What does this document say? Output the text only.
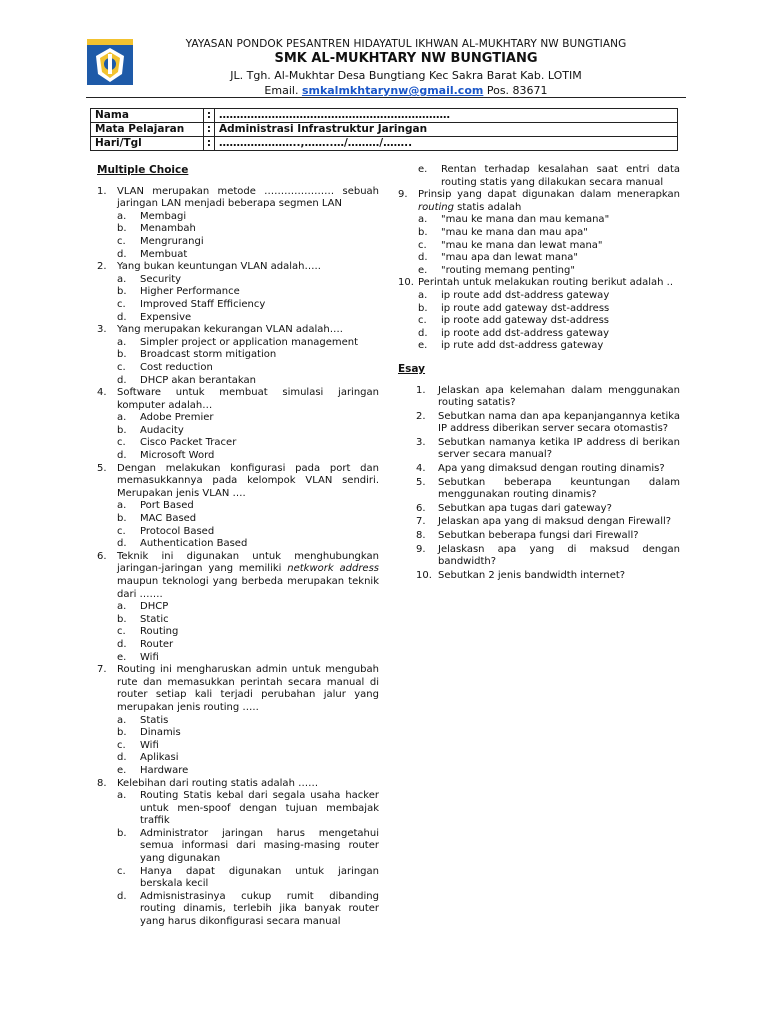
YAYASAN PONDOK PESANTREN HIDAYATUL IKHWAN AL-MUKHTARY NW BUNGTIANG
SMK AL-MUKHTARY NW BUNGTIANG
JL. Tgh. Al-Mukhtar Desa Bungtiang Kec Sakra Barat Kab. LOTIM
Email. smkalmkhtarynw@gmail.com Pos. 83671
Nama	:	…………………………………………………………
Mata Pelajaran	:	Administrasi Infrastruktur Jaringan
Hari/Tgl	:	…………………..,……..…/………/……..
Multiple Choice
1.	VLAN merupakan metode ………………… sebuah jaringan LAN menjadi beberapa segmen LAN
a.	Membagi
b.	Menambah
c.	Mengrurangi
d.	Membuat
2.	Yang bukan keuntungan VLAN adalah…..
a.	Security
b.	Higher Performance
c.	Improved Staff Efficiency
d.	Expensive
3.	Yang merupakan kekurangan VLAN adalah….
a.	Simpler project or application management
b.	Broadcast storm mitigation
c.	Cost reduction
d.	DHCP akan berantakan
4.	Software untuk membuat simulasi jaringan komputer adalah…
a.	Adobe Premier
b.	Audacity
c.	Cisco Packet Tracer
d.	Microsoft Word
5.	Dengan melakukan konfigurasi pada port dan memasukkannya pada kelompok VLAN sendiri. Merupakan jenis VLAN ….
a.	Port Based
b.	MAC Based
c.	Protocol Based
d.	Authentication Based
6.	Teknik ini digunakan untuk menghubungkan jaringan-jaringan yang memiliki netkwork address maupun teknologi yang berbeda merupakan teknik dari …….
a.	DHCP
b.	Static
c.	Routing
d.	Router
e.	Wifi
7.	Routing ini mengharuskan admin untuk mengubah rute dan memasukkan perintah secara manual di router setiap kali terjadi perubahan jalur yang merupakan jenis routing …..
a.	Statis
b.	Dinamis
c.	Wifi
d.	Aplikasi
e.	Hardware
8.	Kelebihan dari routing statis adalah ……
a.	Routing Statis kebal dari segala usaha hacker untuk men-spoof dengan tujuan membajak traffik
b.	Administrator jaringan harus mengetahui semua informasi dari masing-masing router yang digunakan
c.	Hanya dapat digunakan untuk jaringan berskala kecil
d.	Admisnistrasinya cukup rumit dibanding routing dinamis, terlebih jika banyak router yang harus dikonfigurasi secara manual
e.	Rentan terhadap kesalahan saat entri data routing statis yang dilakukan secara manual
9.	Prinsip yang dapat digunakan dalam menerapkan routing statis adalah
a.	"mau ke mana dan mau kemana"
b.	"mau ke mana dan mau apa"
c.	"mau ke mana dan lewat mana"
d.	"mau apa dan lewat mana"
e.	"routing memang penting"
10. Perintah untuk melakukan routing berikut adalah ..
a.	ip route add dst-address gateway
b.	ip route add gateway dst-address
c.	ip roote add gateway dst-address
d.	ip roote add dst-address gateway
e.	ip rute add dst-address gateway
Esay
1.	Jelaskan apa kelemahan dalam menggunakan routing satatis?
2.	Sebutkan nama dan apa kepanjangannya ketika IP address diberikan server secara otomastis?
3.	Sebutkan namanya ketika IP address di berikan server secara manual?
4.	Apa yang dimaksud dengan routing dinamis?
5.	Sebutkan beberapa keuntungan dalam menggunakan routing dinamis?
6.	Sebutkan apa tugas dari gateway?
7.	Jelaskan apa yang di maksud dengan Firewall?
8.	Sebutkan beberapa fungsi dari Firewall?
9.	Jelaskasn apa yang di maksud dengan bandwidth?
10. Sebutkan 2 jenis bandwidth internet?
